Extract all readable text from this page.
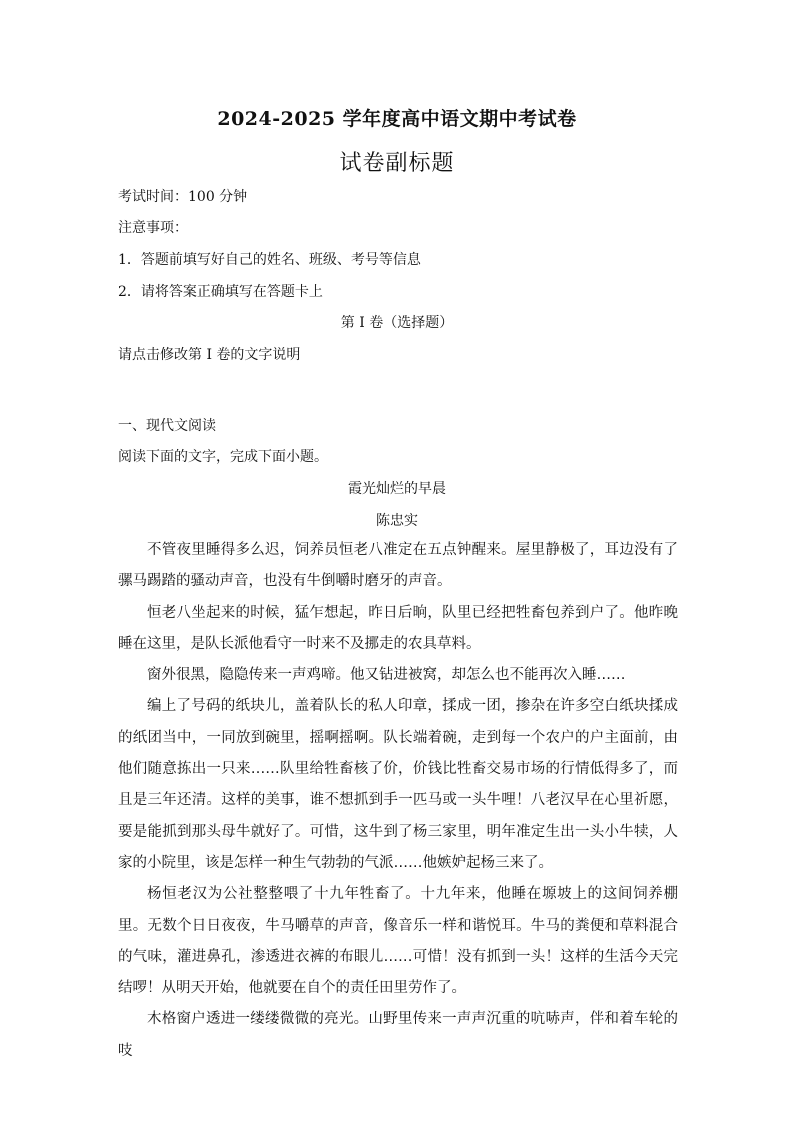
2024-2025 学年度高中语文期中考试卷
试卷副标题
考试时间：100 分钟
注意事项：
1．答题前填写好自己的姓名、班级、考号等信息
2．请将答案正确填写在答题卡上
第 I 卷（选择题）
请点击修改第 I 卷的文字说明
一、现代文阅读
阅读下面的文字，完成下面小题。
霞光灿烂的早晨
陈忠实

不管夜里睡得多么迟，饲养员恒老八准定在五点钟醒来。屋里静极了，耳边没有了骡马踢踏的骚动声音，也没有牛倒嚼时磨牙的声音。

恒老八坐起来的时候，猛乍想起，昨日后晌，队里已经把牲畜包养到户了。他昨晚睡在这里，是队长派他看守一时来不及挪走的农具草料。

窗外很黑，隐隐传来一声鸡啼。他又钻进被窝，却怎么也不能再次入睡……

编上了号码的纸块儿，盖着队长的私人印章，揉成一团，掺杂在许多空白纸块揉成的纸团当中，一同放到碗里，摇啊摇啊。队长端着碗，走到每一个农户的户主面前，由他们随意拣出一只来……队里给牲畜核了价，价钱比牲畜交易市场的行情低得多了，而且是三年还清。这样的美事，谁不想抓到手一匹马或一头牛哩！八老汉早在心里祈愿，要是能抓到那头母牛就好了。可惜，这牛到了杨三家里，明年准定生出一头小牛犊，人家的小院里，该是怎样一种生气勃勃的气派……他嫉妒起杨三来了。

杨恒老汉为公社整整喂了十九年牲畜了。十九年来，他睡在塬坡上的这间饲养棚里。无数个日日夜夜，牛马嚼草的声音，像音乐一样和谐悦耳。牛马的粪便和草料混合的气味，灌进鼻孔，渗透进衣裤的布眼儿……可惜！没有抓到一头！这样的生活今天完结啰！从明天开始，他就要在自个的责任田里劳作了。

木格窗户透进一缕缕微微的亮光。山野里传来一声声沉重的吭哧声，伴和着车轮的吱
